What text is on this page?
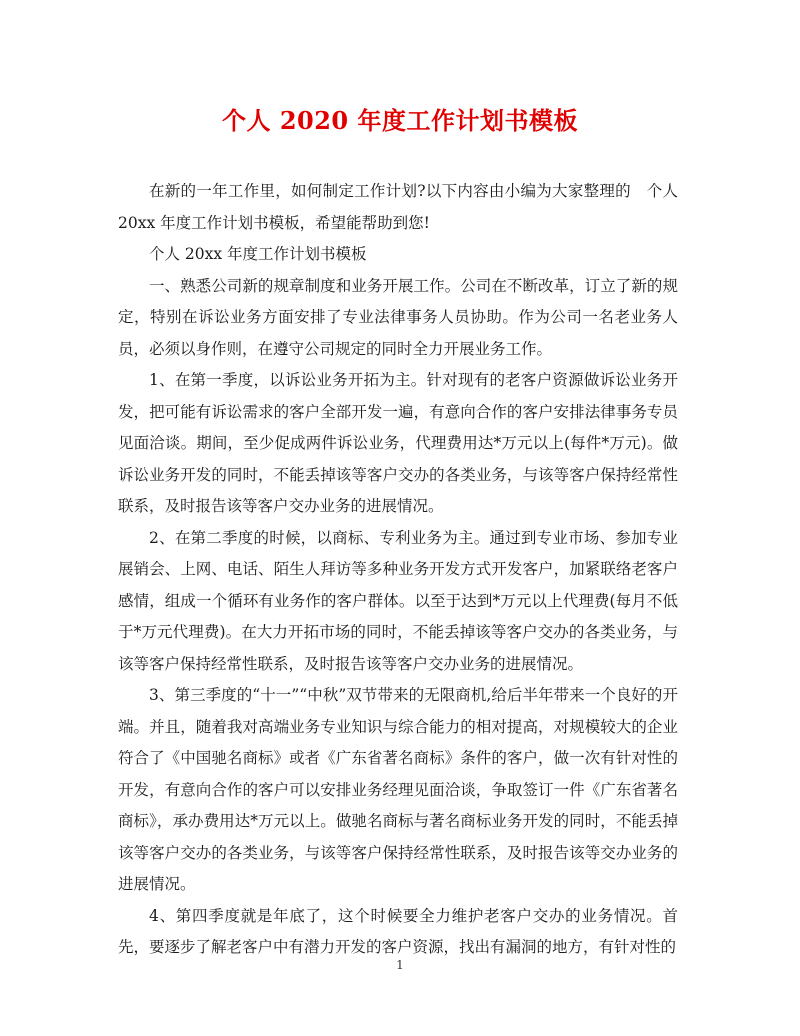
个人 2020 年度工作计划书模板

在新的一年工作里，如何制定工作计划?以下内容由小编为大家整理的　个人 20xx 年度工作计划书模板，希望能帮助到您!

个人 20xx 年度工作计划书模板

一、熟悉公司新的规章制度和业务开展工作。公司在不断改革，订立了新的规定，特别在诉讼业务方面安排了专业法律事务人员协助。作为公司一名老业务人员，必须以身作则，在遵守公司规定的同时全力开展业务工作。

1、在第一季度，以诉讼业务开拓为主。针对现有的老客户资源做诉讼业务开发，把可能有诉讼需求的客户全部开发一遍，有意向合作的客户安排法律事务专员见面洽谈。期间，至少促成两件诉讼业务，代理费用达*万元以上(每件*万元)。做诉讼业务开发的同时，不能丢掉该等客户交办的各类业务，与该等客户保持经常性联系，及时报告该等客户交办业务的进展情况。

2、在第二季度的时候，以商标、专利业务为主。通过到专业市场、参加专业展销会、上网、电话、陌生人拜访等多种业务开发方式开发客户，加紧联络老客户感情，组成一个循环有业务作的客户群体。以至于达到*万元以上代理费(每月不低于*万元代理费)。在大力开拓市场的同时，不能丢掉该等客户交办的各类业务，与该等客户保持经常性联系，及时报告该等客户交办业务的进展情况。

3、第三季度的“十一”“中秋”双节带来的无限商机,给后半年带来一个良好的开端。并且，随着我对高端业务专业知识与综合能力的相对提高，对规模较大的企业符合了《中国驰名商标》或者《广东省著名商标》条件的客户，做一次有针对性的开发，有意向合作的客户可以安排业务经理见面洽谈，争取签订一件《广东省著名商标》，承办费用达*万元以上。做驰名商标与著名商标业务开发的同时，不能丢掉该等客户交办的各类业务，与该等客户保持经常性联系，及时报告该等交办业务的进展情况。

4、第四季度就是年底了，这个时候要全力维护老客户交办的业务情况。首先，要逐步了解老客户中有潜力开发的客户资源，找出有漏洞的地方，有针对性的

1
